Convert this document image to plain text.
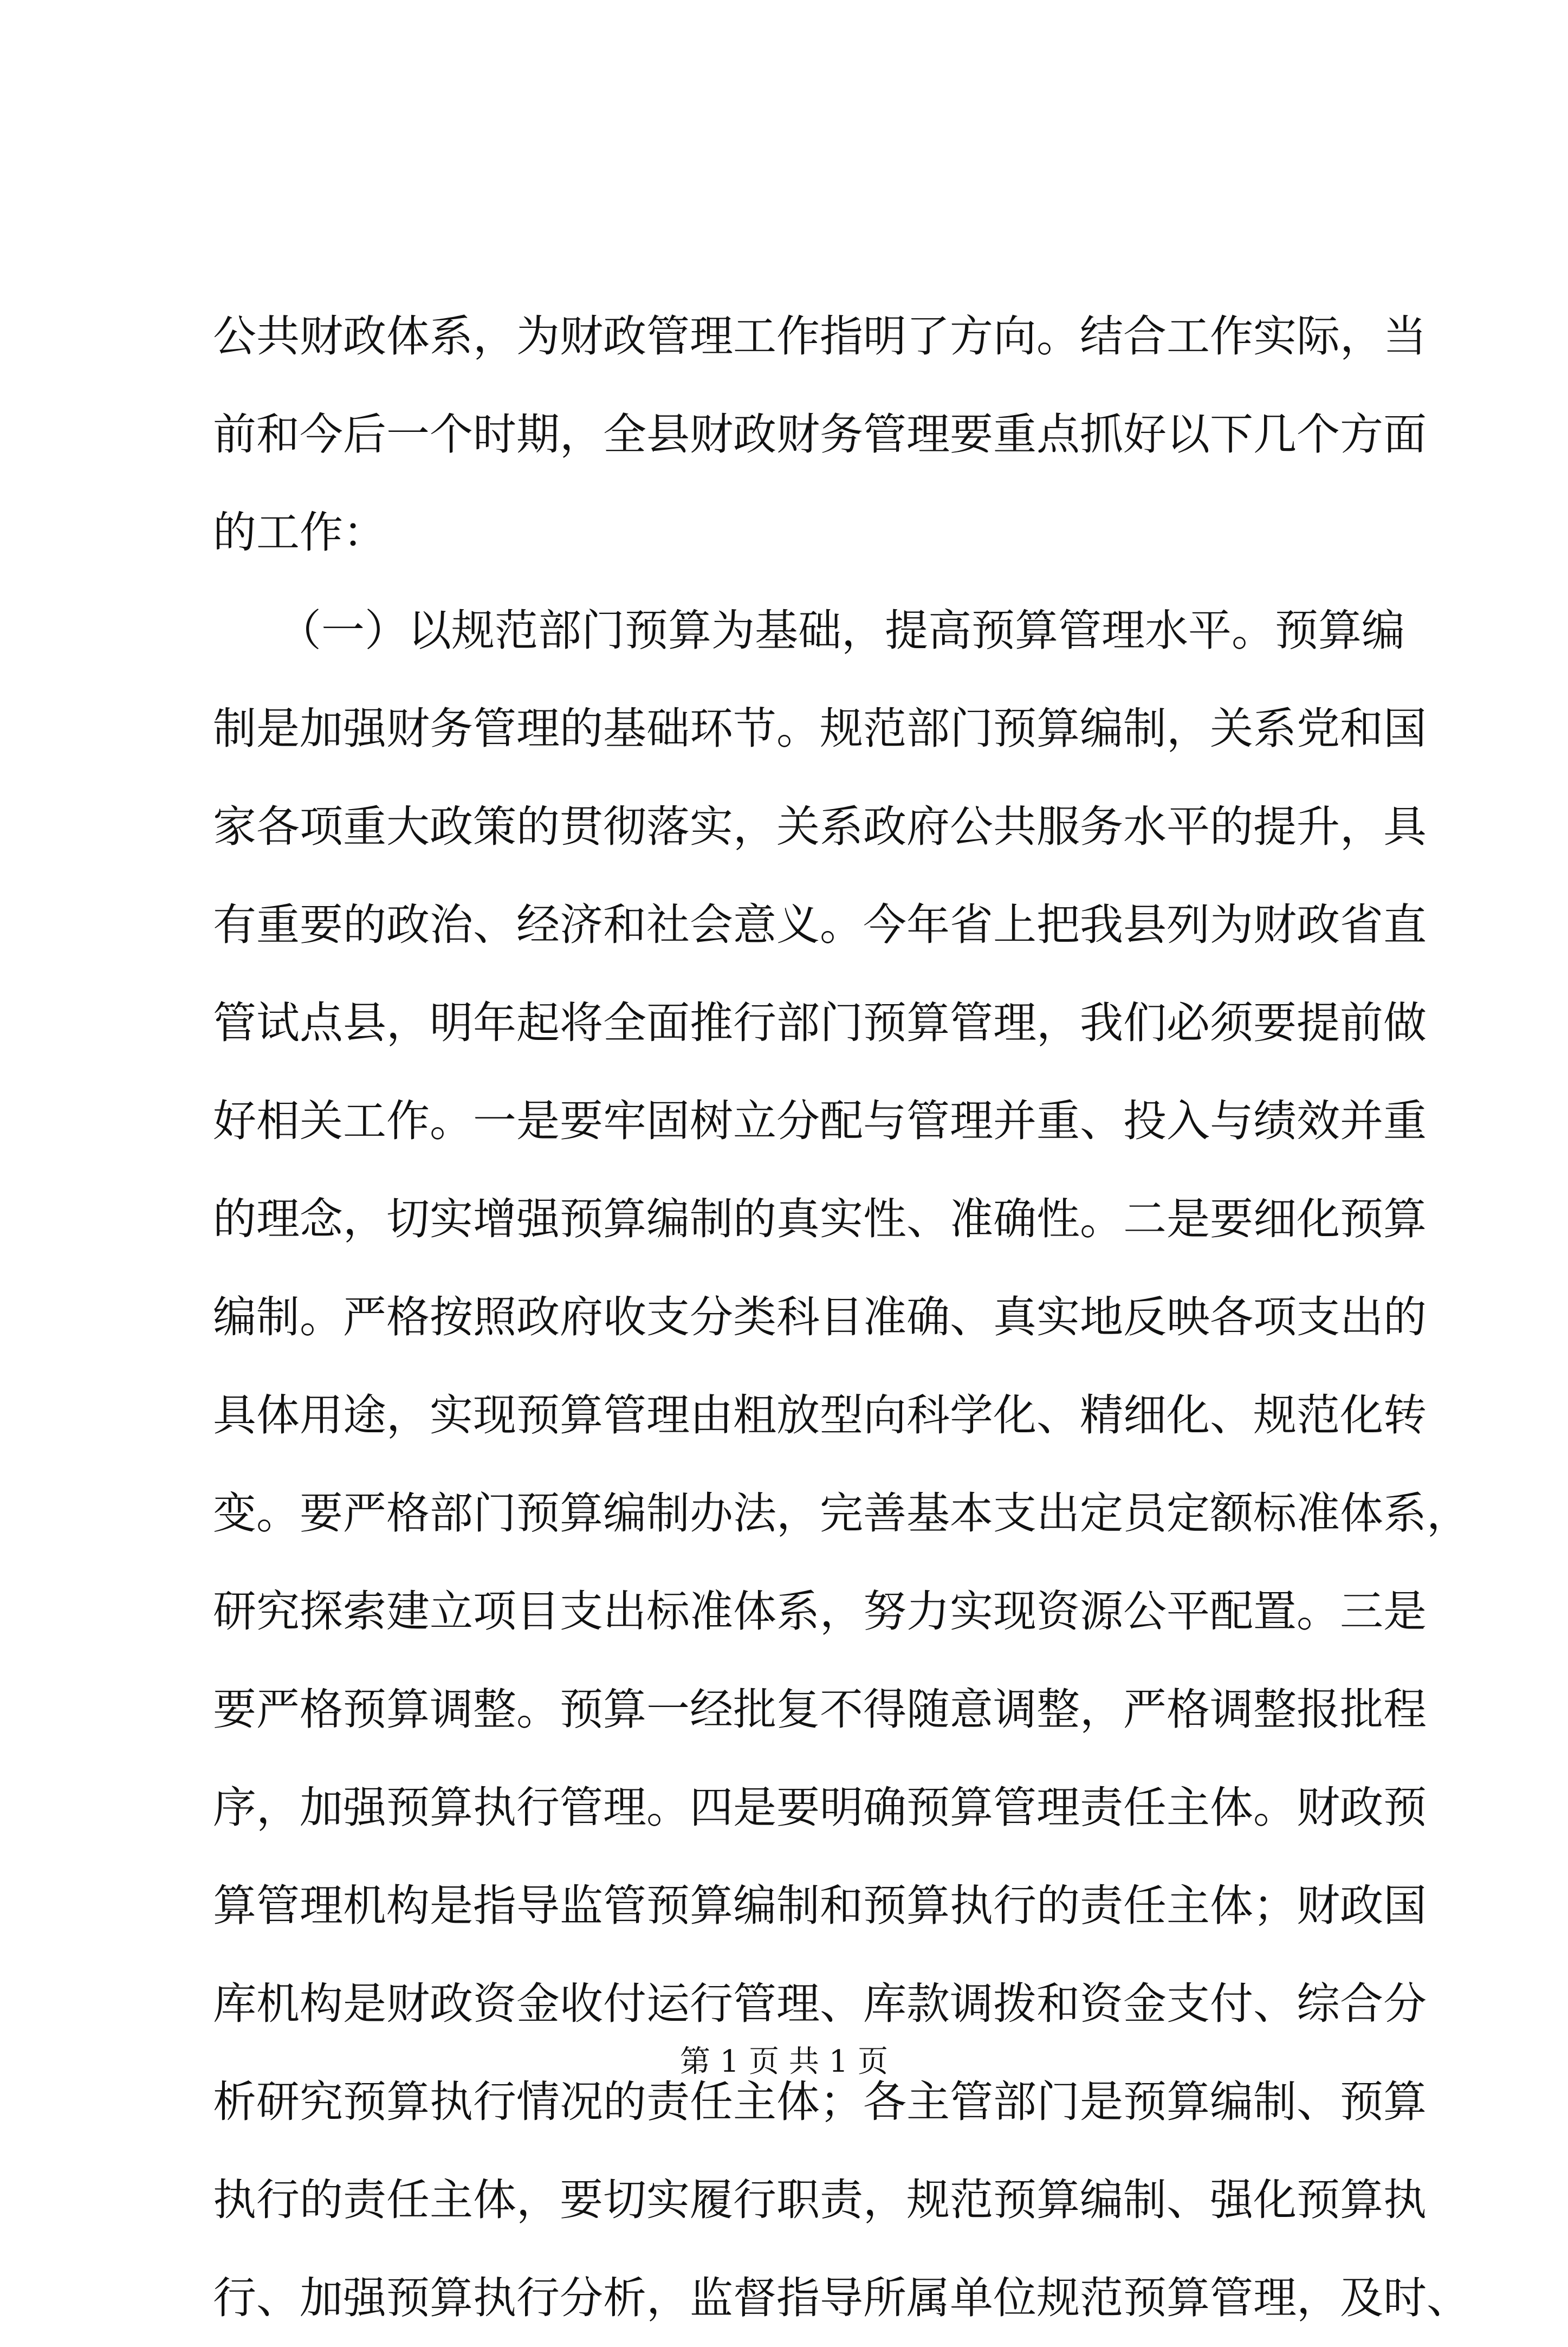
公共财政体系，为财政管理工作指明了方向。结合工作实际，当
前和今后一个时期，全县财政财务管理要重点抓好以下几个方面
的工作：
　　（一）以规范部门预算为基础，提高预算管理水平。预算编
制是加强财务管理的基础环节。规范部门预算编制，关系党和国
家各项重大政策的贯彻落实，关系政府公共服务水平的提升，具
有重要的政治、经济和社会意义。今年省上把我县列为财政省直
管试点县，明年起将全面推行部门预算管理，我们必须要提前做
好相关工作。一是要牢固树立分配与管理并重、投入与绩效并重
的理念，切实增强预算编制的真实性、准确性。二是要细化预算
编制。严格按照政府收支分类科目准确、真实地反映各项支出的
具体用途，实现预算管理由粗放型向科学化、精细化、规范化转
变。要严格部门预算编制办法，完善基本支出定员定额标准体系，
研究探索建立项目支出标准体系，努力实现资源公平配置。三是
要严格预算调整。预算一经批复不得随意调整，严格调整报批程
序，加强预算执行管理。四是要明确预算管理责任主体。财政预
算管理机构是指导监管预算编制和预算执行的责任主体；财政国
库机构是财政资金收付运行管理、库款调拨和资金支付、综合分
析研究预算执行情况的责任主体；各主管部门是预算编制、预算
执行的责任主体，要切实履行职责，规范预算编制、强化预算执
行、加强预算执行分析，监督指导所属单位规范预算管理，及时、
第 1 页 共 1 页
